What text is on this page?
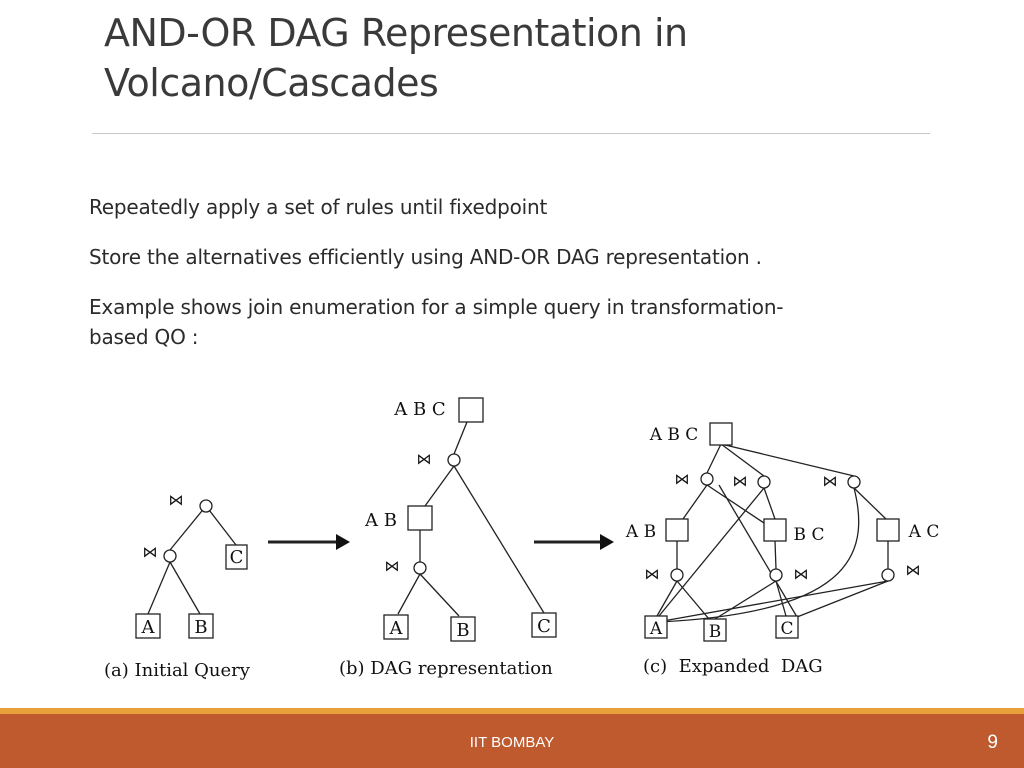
AND-OR DAG Representation in
Volcano/Cascades

Repeatedly apply a set of rules until fixedpoint

Store the alternatives efficiently using AND-OR DAG representation .

Example shows join enumeration for a simple query in transformation-based QO :

⋈
⋈	C
A B
A B C
⋈
A B
⋈
A	B	C
A B C
⋈	⋈	⋈
A B	B C	A C
⋈	⋈	⋈
A	B	C
(a) Initial Query	(b) DAG representation	(c)  Expanded  DAG
IIT BOMBAY	9
